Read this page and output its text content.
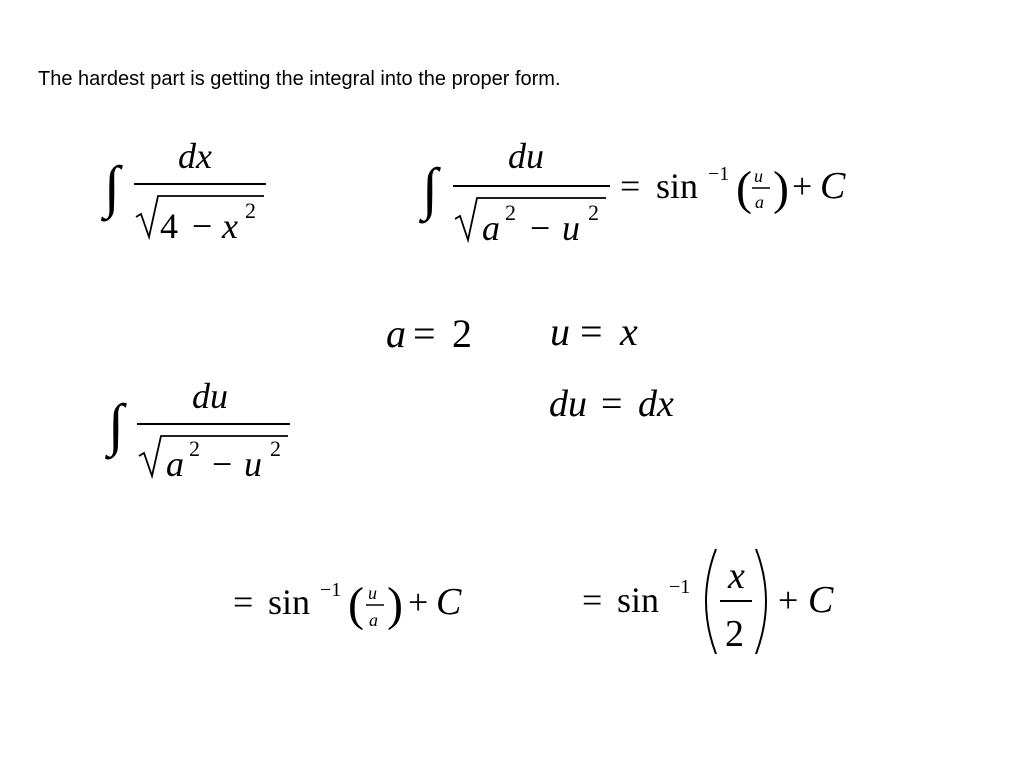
The hardest part is getting the integral into the proper form.
∫ dx
4 − x 2	∫ du
a 2 − u 2
= sin −1 ( u
a ) + C
a = 2 u = x
du = dx
∫ du
a 2 − u 2
= sin −1 ( u
a ) + C	= sin −1 x
2
+ C
